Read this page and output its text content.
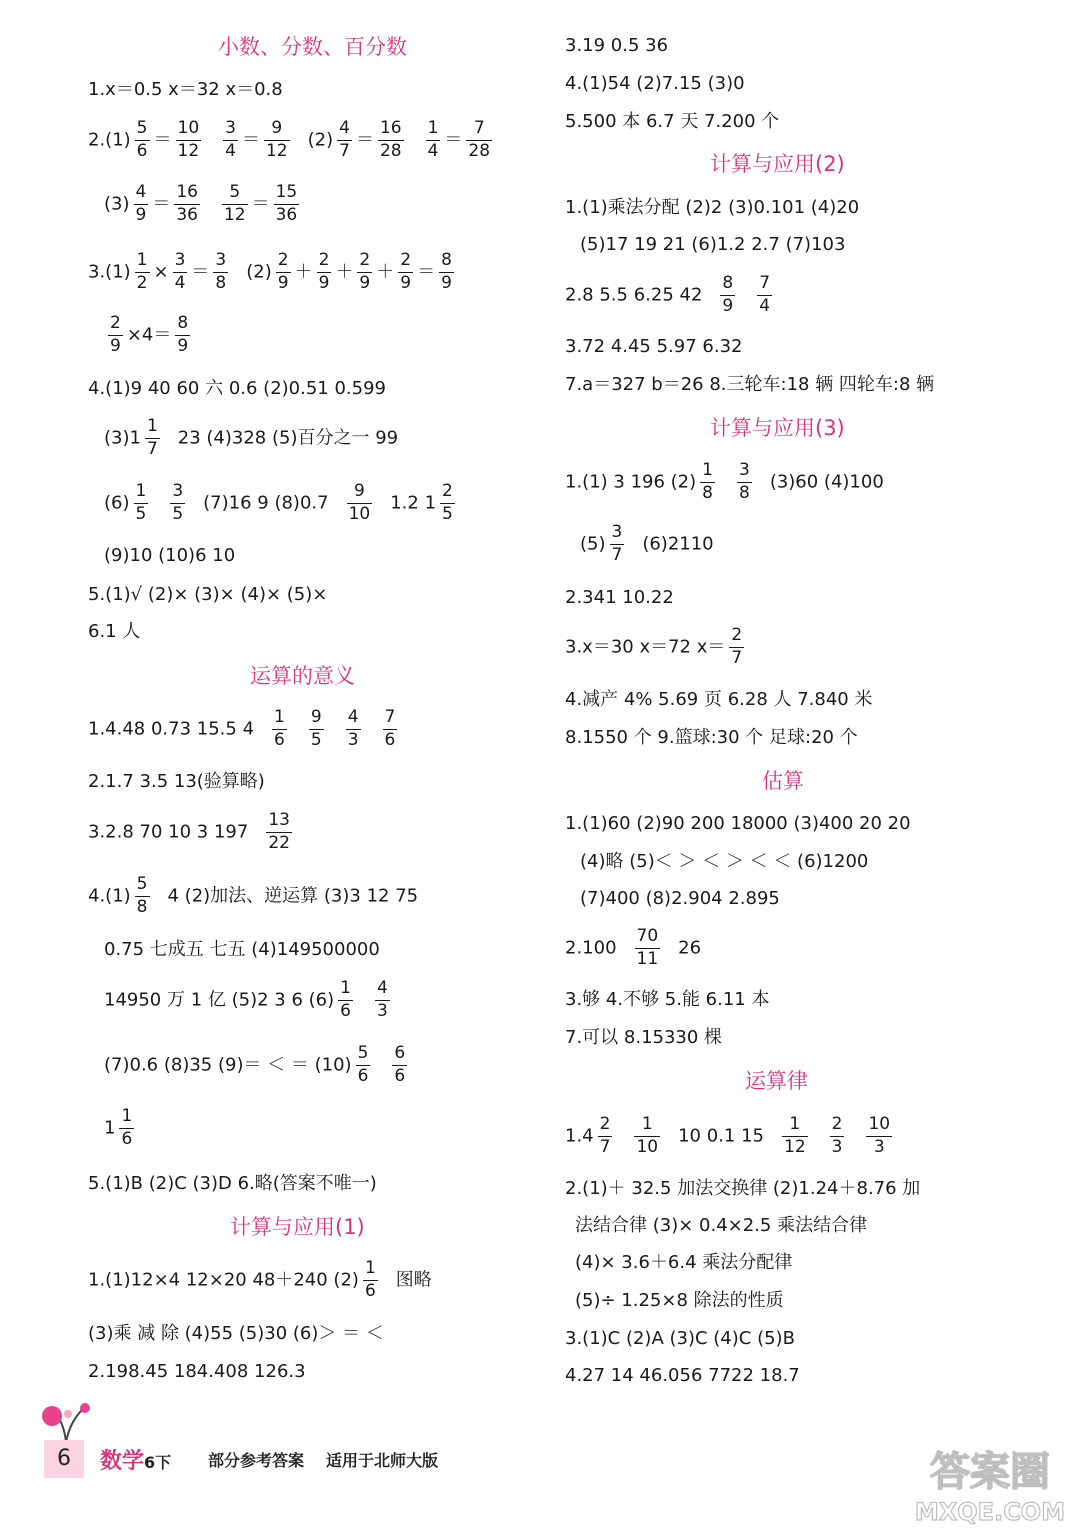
小数、分数、百分数
1.x＝0.5 x＝32 x＝0.8
$2.(1) \frac{5}{6} = \frac{10}{12} \frac{3}{4} = \frac{9}{12} (2) \frac{4}{7} = \frac{16}{28} \frac{1}{4} = \frac{7}{28}$
$(3) \frac{4}{9} = \frac{16}{36} \frac{5}{12} = \frac{15}{36}$
$3.(1) \frac{1}{2} \times \frac{3}{4} = \frac{3}{8} (2) \frac{2}{9} + \frac{2}{9} + \frac{2}{9} + \frac{2}{9} = \frac{8}{9}$
$\frac{2}{9} \times 4= \frac{8}{9}$
4.(1)9 40 60 六 0.6 (2)0.51 0.599
$(3)1 \frac{1}{7} 23$ (4)328 (5)百分之一 99
$(6) \frac{1}{5} \frac{3}{5} (7)16$ 9 $(8)0.7 \frac{9}{10} 1.2$ $1 \frac{2}{5}$
(9)10 (10)6 10
5.(1)√ (2)× (3)× (4)× (5)×
6.1 人
运算的意义
1.4.48 0.73 15.5 $4 \frac{1}{6} \frac{9}{5} \frac{4}{3} \frac{7}{6}$
2.1.7 3.5 13(验算略)
3.2.8 70 10 3 $197 \frac{13}{22}$
$4.(1) \frac{5}{8} 4$ (2)加法、逆运算 (3)3 12 75
0.75 七成五 七五 (4)149500000
14950 万 1 亿 (5)2 3 6 $(6) \frac{1}{6} \frac{4}{3}$
(7)0.6 (8)35 (9)＝ ＜ ＝ $(10) \frac{5}{6} \frac{6}{6}$
$1 \frac{1}{6}$
5.(1)B (2)C (3)D 6.略(答案不唯一)
计算与应用(1)
1.(1)12×4 12×20 48＋240 $(2) \frac{1}{6}$ 图略
(3)乘 减 除 (4)55 (5)30 (6)＞ ＝ ＜
2.198.45 184.408 126.3
3.19 0.5 36
4.(1)54 (2)7.15 (3)0
5.500 本 6.7 天 7.200 个
计算与应用(2)
1.(1)乘法分配 (2)2 (3)0.101 (4)20
(5)17 19 21 (6)1.2 2.7 (7)103
2.8 5.5 6.25 $42 \frac{8}{9} \frac{7}{4}$
3.72 4.45 5.97 6.32
7.a＝327 b＝26 8.三轮车:18 辆 四轮车:8 辆
计算与应用(3)
1.(1) 3 196 $(2) \frac{1}{8} \frac{3}{8} (3)60$ (4)100
$(5) \frac{3}{7} (6)2110$
2.341 10.22
3.x＝30 x＝72 $x= \frac{2}{7}$
4.减产 4% 5.69 页 6.28 人 7.840 米
8.1550 个 9.篮球:30 个 足球:20 个
估算
1.(1)60 (2)90 200 18000 (3)400 20 20
(4)略 (5)＜ ＞ ＜ ＞ ＜ ＜ (6)1200
(7)400 (8)2.904 2.895
$2.100 \frac{70}{11} 26$
3.够 4.不够 5.能 6.11 本
7.可以 8.15330 棵
运算律
$1.4 \frac{2}{7} \frac{1}{10} 10$ 0.1 $15 \frac{1}{12} \frac{2}{3} \frac{10}{3}$
2.(1)＋ 32.5 加法交换律 (2)1.24＋8.76 加
法结合律 (3)× 0.4×2.5 乘法结合律
(4)× 3.6＋6.4 乘法分配律
(5)÷ 1.25×8 除法的性质
3.(1)C (2)A (3)C (4)C (5)B
4.27 14 46.056 7722 18.7
6	数学6下 部分参考答案 适用于北师大版	答案圈
MXQE.COM
